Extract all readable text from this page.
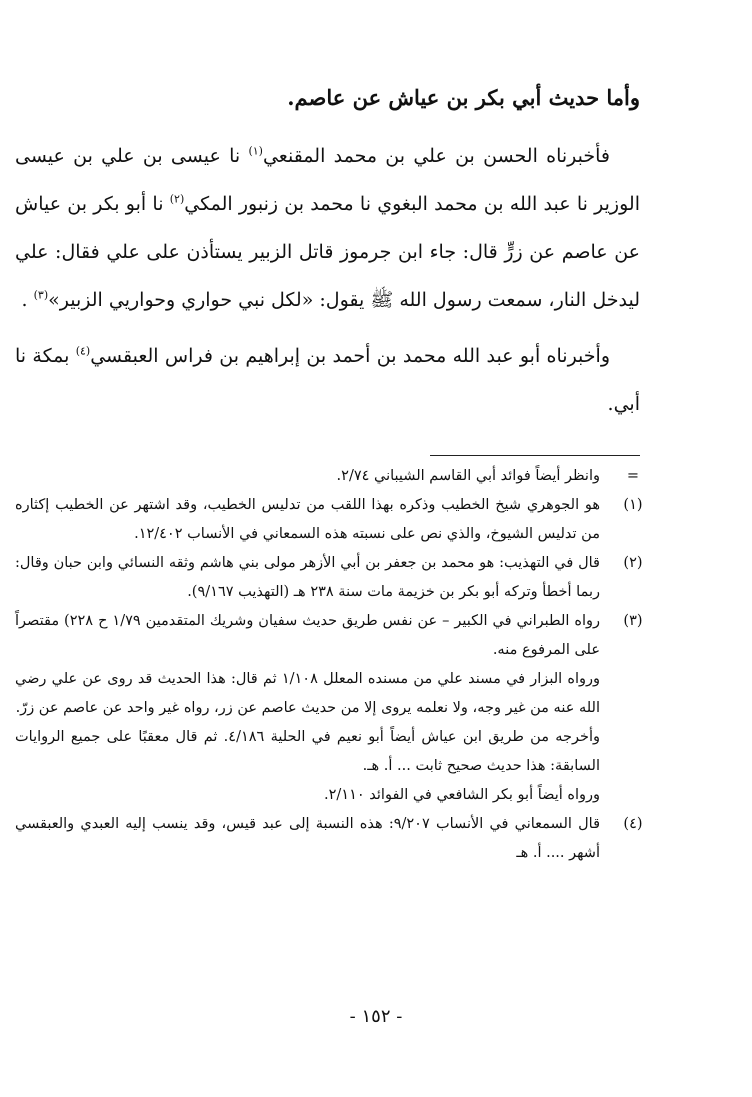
وأما حديث أبي بكر بن عياش عن عاصم.

فأخبرناه الحسن بن علي بن محمد المقنعي$^{(١)}$ نا عيسى بن علي بن عيسى الوزير نا عبد الله بن محمد البغوي نا محمد بن زنبور المكي$^{(٢)}$ نا أبو بكر بن عياش عن عاصم عن زرٍّ قال: جاء ابن جرموز قاتل الزبير يستأذن على علي فقال: علي ليدخل النار، سمعت رسول الله ﷺ يقول: «لكل نبي حواري وحواريي الزبير»$^{(٣)}$ .

وأخبرناه أبو عبد الله محمد بن أحمد بن إبراهيم بن فراس العبقسي$^{(٤)}$ بمكة نا أبي.

=

وانظر أيضاً فوائد أبي القاسم الشيباني ٢/٧٤.

(١)

هو الجوهري شيخ الخطيب وذكره بهذا اللقب من تدليس الخطيب، وقد اشتهر عن الخطيب إكثاره من تدليس الشيوخ، والذي نص على نسبته هذه السمعاني في الأنساب ١٢/٤٠٢.

(٢)

قال في التهذيب: هو محمد بن جعفر بن أبي الأزهر مولى بني هاشم وثقه النسائي وابن حبان وقال: ربما أخطأ وتركه أبو بكر بن خزيمة مات سنة ٢٣٨ هـ (التهذيب ٩/١٦٧).

(٣)

رواه الطبراني في الكبير – عن نفس طريق حديث سفيان وشريك المتقدمين ١/٧٩ ح ٢٢٨) مقتصراً على المرفوع منه.

ورواه البزار في مسند علي من مسنده المعلل ١/١٠٨ ثم قال: هذا الحديث قد روى عن علي رضي الله عنه من غير وجه، ولا نعلمه يروى إلا من حديث عاصم عن زر، رواه غير واحد عن عاصم عن زرّ.

وأخرجه من طريق ابن عياش أيضاً أبو نعيم في الحلية ٤/١٨٦. ثم قال معقبًا على جميع الروايات السابقة: هذا حديث صحيح ثابت ... أ. هـ.

ورواه أيضاً أبو بكر الشافعي في الفوائد ٢/١١٠.

(٤)

قال السمعاني في الأنساب ٩/٢٠٧: هذه النسبة إلى عبد قيس، وقد ينسب إليه العبدي والعبقسي أشهر .... أ. هـ

- ١٥٢ -
